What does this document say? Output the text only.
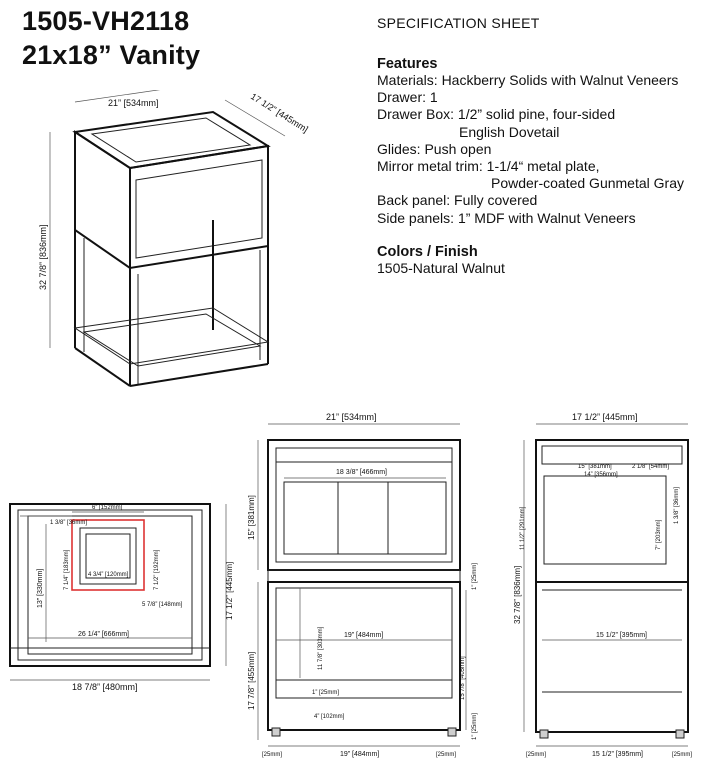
1505-VH2118
21x18” Vanity
SPECIFICATION SHEET
Features
Materials: Hackberry Solids with Walnut Veneers
Drawer: 1
Drawer Box: 1/2” solid pine, four-sided
English Dovetail
Glides: Push open
Mirror metal trim: 1-1/4“ metal plate,
Powder-coated Gunmetal Gray
Back panel: Fully covered
Side panels: 1” MDF with Walnut Veneers
Colors / Finish
1505-Natural Walnut
21” [534mm]	17 1/2” [445mm]
32 7/8” [836mm]
6” [152mm]
1 3/8” [36mm]
7 1/4” [183mm]	7 1/2” [192mm]
4 3/4” [120mm]
5 7/8” [148mm]
13” [330mm]
26 1/4” [666mm]
17 1/2” [445mm]
18 7/8” [480mm]
21” [534mm]
18 3/8” [466mm]
15” [381mm]
1” [25mm]
11 7/8” [303mm]	19” [484mm]
17 7/8” [455mm]	15 7/8” [405mm]
1” [25mm]
4” [102mm]	1” [25mm]
[25mm]	19” [484mm]	[25mm]
17 1/2” [445mm]
15” [381mm]	2 1/8” [54mm]
14” [356mm]
11 1/2” [291mm]	7” [203mm]
1 3/8” [36mm]
15 1/2” [395mm]
32 7/8” [836mm]
[25mm]	15 1/2” [395mm]	[25mm]
